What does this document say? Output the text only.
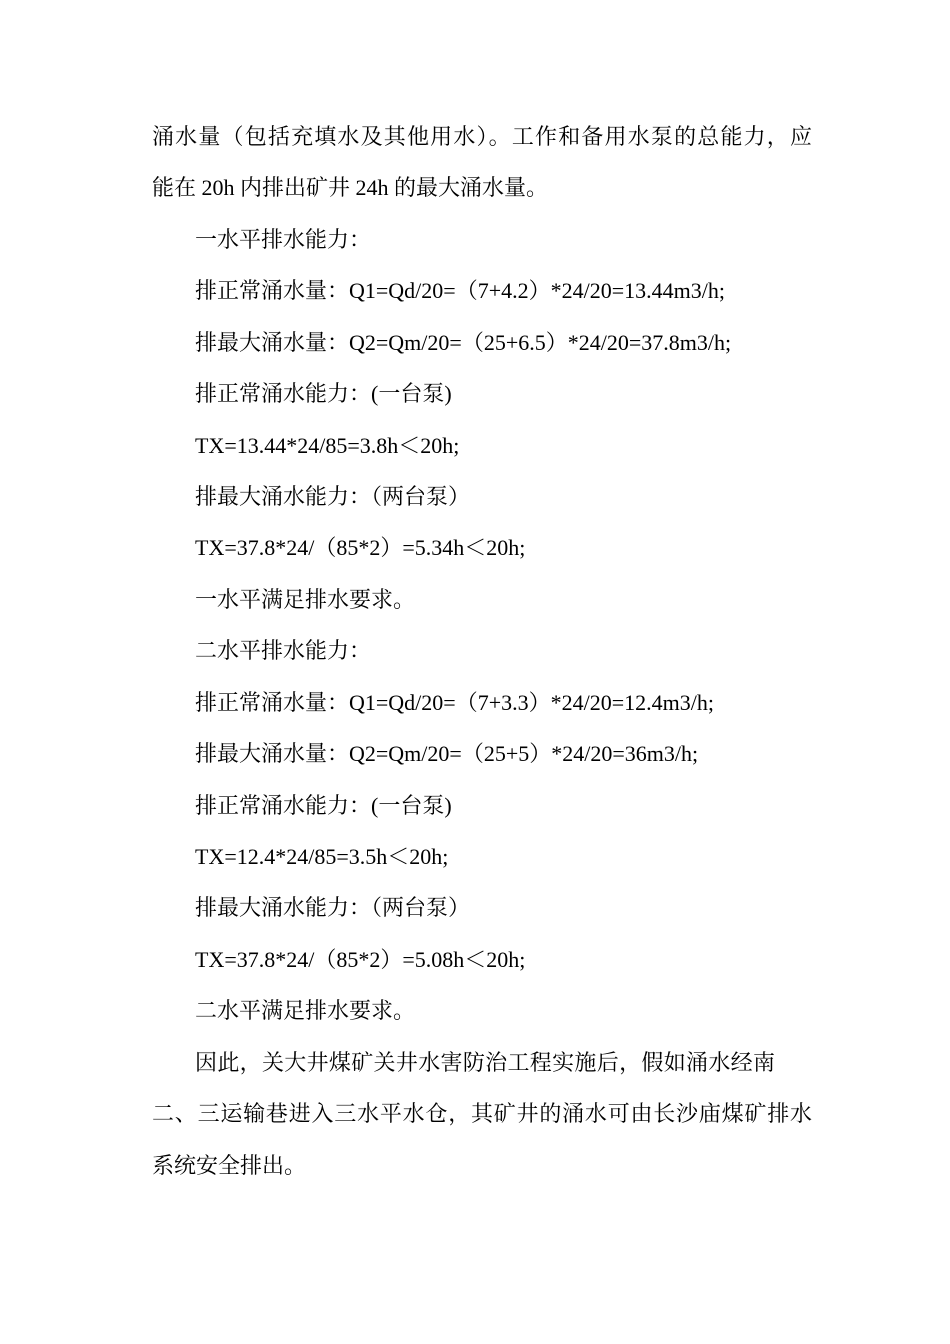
涌水量（包括充填水及其他用水）。工作和备用水泵的总能力，应
能在 20h 内排出矿井 24h 的最大涌水量。
一水平排水能力：
排正常涌水量：Q1=Qd/20=（7+4.2）*24/20=13.44m3/h;
排最大涌水量：Q2=Qm/20=（25+6.5）*24/20=37.8m3/h;
排正常涌水能力：(一台泵)
TX=13.44*24/85=3.8h＜20h;
排最大涌水能力：（两台泵）
TX=37.8*24/（85*2）=5.34h＜20h;
一水平满足排水要求。
二水平排水能力：
排正常涌水量：Q1=Qd/20=（7+3.3）*24/20=12.4m3/h;
排最大涌水量：Q2=Qm/20=（25+5）*24/20=36m3/h;
排正常涌水能力：(一台泵)
TX=12.4*24/85=3.5h＜20h;
排最大涌水能力：（两台泵）
TX=37.8*24/（85*2）=5.08h＜20h;
二水平满足排水要求。
因此，关大井煤矿关井水害防治工程实施后，假如涌水经南
二、三运输巷进入三水平水仓，其矿井的涌水可由长沙庙煤矿排水
系统安全排出。
